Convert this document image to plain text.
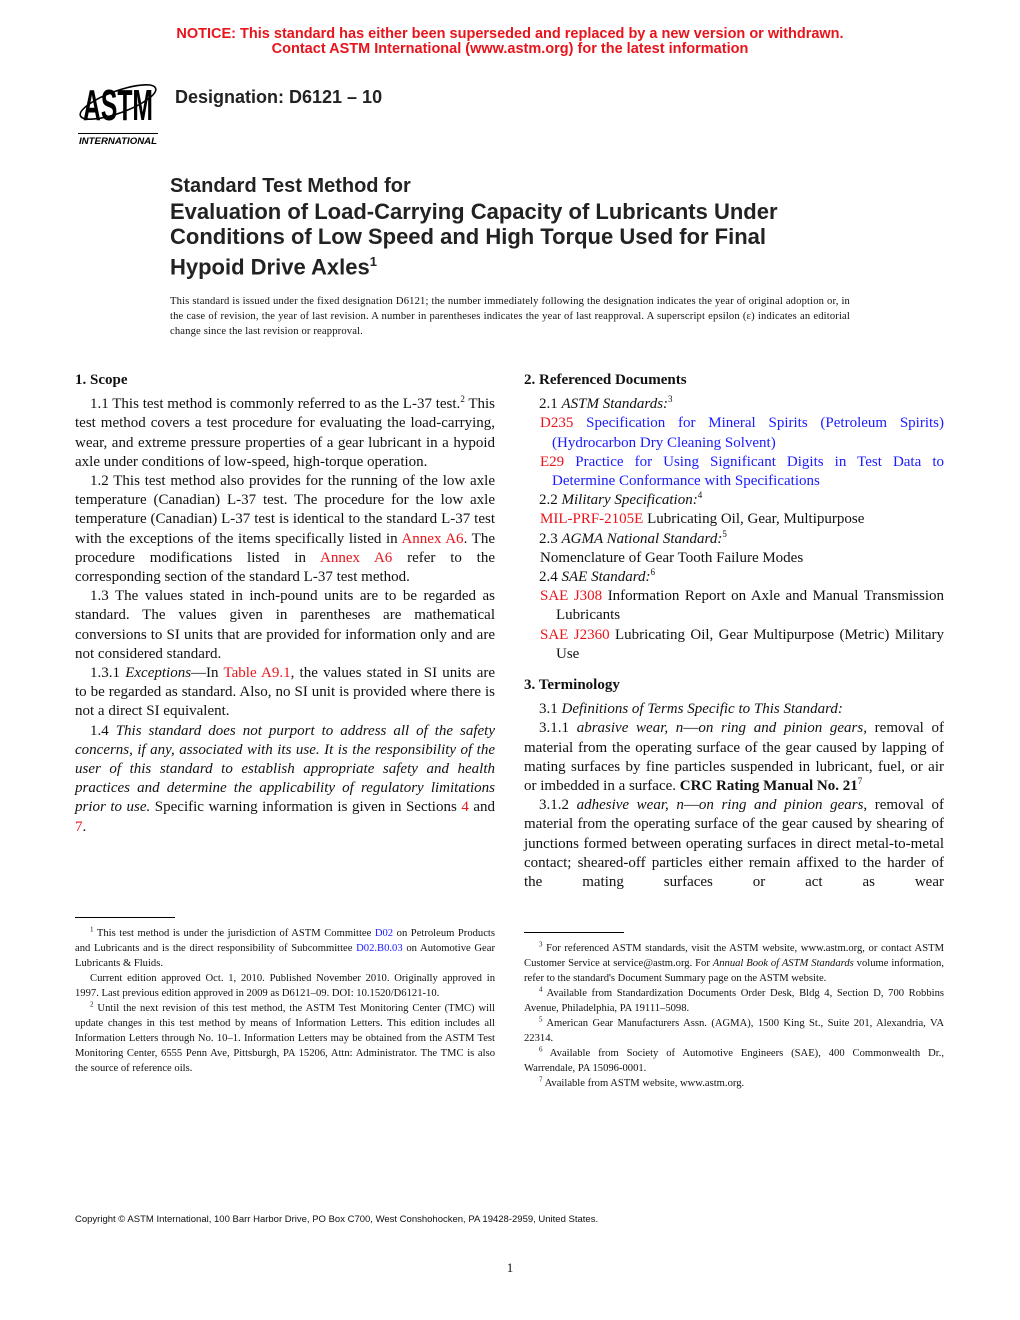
NOTICE: This standard has either been superseded and replaced by a new version or withdrawn.
Contact ASTM International (www.astm.org) for the latest information
ASTM
INTERNATIONAL
Designation: D6121 – 10
Standard Test Method for
Evaluation of Load-Carrying Capacity of Lubricants Under
Conditions of Low Speed and High Torque Used for Final
Hypoid Drive Axles$^1$
This standard is issued under the fixed designation D6121; the number immediately following the designation indicates the year of original adoption or, in the case of revision, the year of last revision. A number in parentheses indicates the year of last reapproval. A superscript epsilon (ε) indicates an editorial change since the last revision or reapproval.
1. Scope

1.1 This test method is commonly referred to as the L-37 test.$^2$ This test method covers a test procedure for evaluating the load-carrying, wear, and extreme pressure properties of a gear lubricant in a hypoid axle under conditions of low-speed, high-torque operation.

1.2 This test method also provides for the running of the low axle temperature (Canadian) L-37 test. The procedure for the low axle temperature (Canadian) L-37 test is identical to the standard L-37 test with the exceptions of the items specifically listed in Annex A6. The procedure modifications listed in Annex A6 refer to the corresponding section of the standard L-37 test method.

1.3 The values stated in inch-pound units are to be regarded as standard. The values given in parentheses are mathematical conversions to SI units that are provided for information only and are not considered standard.

1.3.1 Exceptions—In Table A9.1, the values stated in SI units are to be regarded as standard. Also, no SI unit is provided where there is not a direct SI equivalent.

1.4 This standard does not purport to address all of the safety concerns, if any, associated with its use. It is the responsibility of the user of this standard to establish appropriate safety and health practices and determine the applicability of regulatory limitations prior to use. Specific warning information is given in Sections 4 and 7.

2. Referenced Documents

2.1 ASTM Standards:$^3$

D235 Specification for Mineral Spirits (Petroleum Spirits) (Hydrocarbon Dry Cleaning Solvent)

E29 Practice for Using Significant Digits in Test Data to Determine Conformance with Specifications

2.2 Military Specification:$^4$

MIL-PRF-2105E Lubricating Oil, Gear, Multipurpose

2.3 AGMA National Standard:$^5$

Nomenclature of Gear Tooth Failure Modes

2.4 SAE Standard:$^6$

SAE J308 Information Report on Axle and Manual Transmission Lubricants

SAE J2360 Lubricating Oil, Gear Multipurpose (Metric) Military Use

3. Terminology

3.1 Definitions of Terms Specific to This Standard:

3.1.1 abrasive wear, n—on ring and pinion gears, removal of material from the operating surface of the gear caused by lapping of mating surfaces by fine particles suspended in lubricant, fuel, or air or imbedded in a surface. CRC Rating Manual No. $21^7$

3.1.2 adhesive wear, n—on ring and pinion gears, removal of material from the operating surface of the gear caused by shearing of junctions formed between operating surfaces in direct metal-to-metal contact; sheared-off particles either remain affixed to the harder of the mating surfaces or act as wear

$^1$ This test method is under the jurisdiction of ASTM Committee D02 on Petroleum Products and Lubricants and is the direct responsibility of Subcommittee D02.B0.03 on Automotive Gear Lubricants & Fluids.

Current edition approved Oct. 1, 2010. Published November 2010. Originally approved in 1997. Last previous edition approved in 2009 as D6121–09. DOI: 10.1520/D6121-10.

$^2$ Until the next revision of this test method, the ASTM Test Monitoring Center (TMC) will update changes in this test method by means of Information Letters. This edition includes all Information Letters through No. 10–1. Information Letters may be obtained from the ASTM Test Monitoring Center, 6555 Penn Ave, Pittsburgh, PA 15206, Attn: Administrator. The TMC is also the source of reference oils.

$^3$ For referenced ASTM standards, visit the ASTM website, www.astm.org, or contact ASTM Customer Service at service@astm.org. For Annual Book of ASTM Standards volume information, refer to the standard's Document Summary page on the ASTM website.

$^4$ Available from Standardization Documents Order Desk, Bldg 4, Section D, 700 Robbins Avenue, Philadelphia, PA 19111–5098.

$^5$ American Gear Manufacturers Assn. (AGMA), 1500 King St., Suite 201, Alexandria, VA 22314.

$^6$ Available from Society of Automotive Engineers (SAE), 400 Commonwealth Dr., Warrendale, PA 15096-0001.

$^7$ Available from ASTM website, www.astm.org.

Copyright © ASTM International, 100 Barr Harbor Drive, PO Box C700, West Conshohocken, PA 19428-2959, United States.
1
